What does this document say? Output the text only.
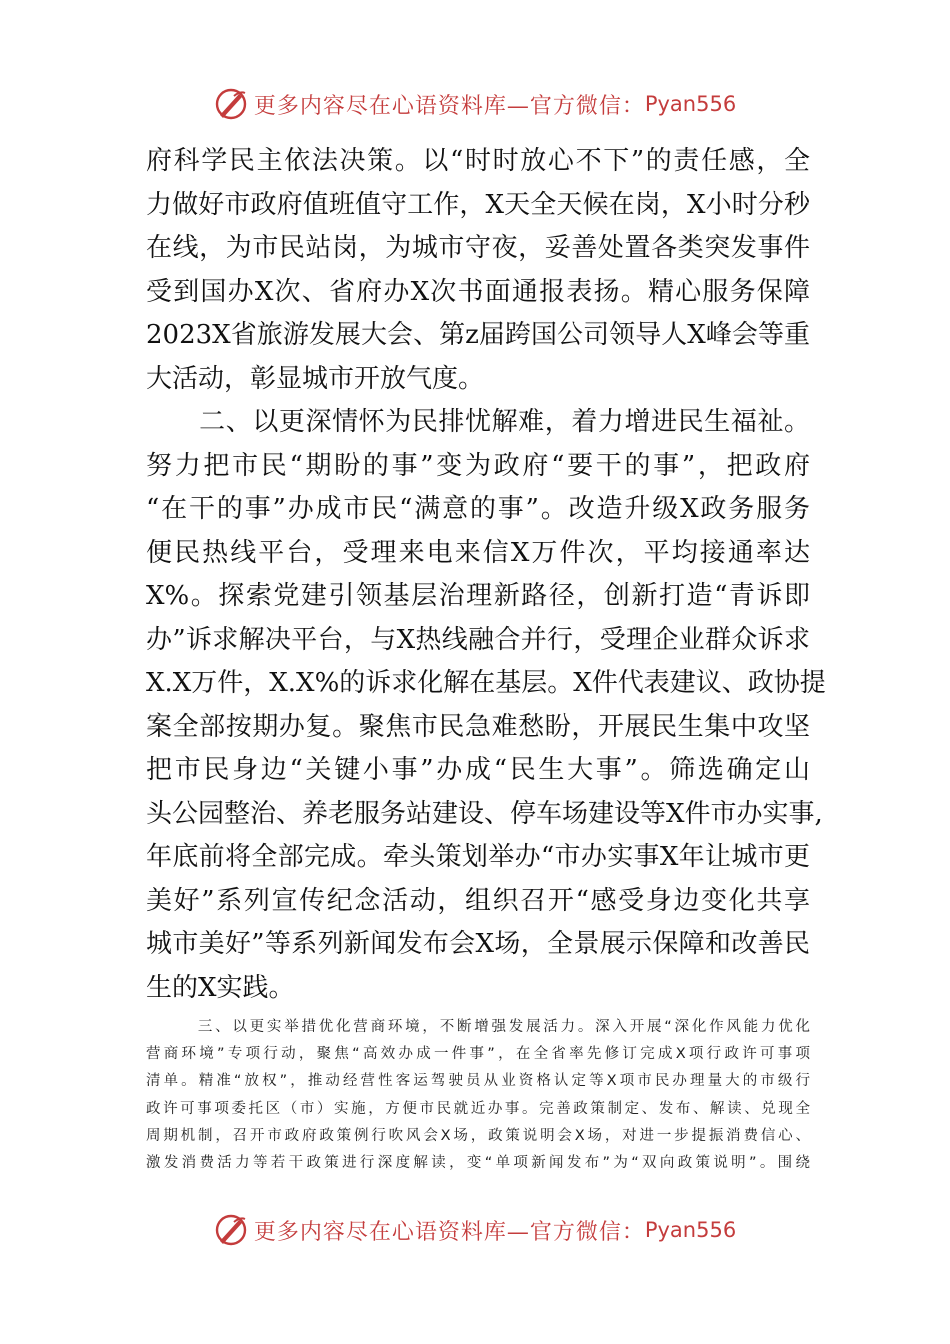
更多内容尽在心语资料库—官方微信： Pyan556
府科学民主依法决策。以“时时放心不下”的责任感，全
力做好市政府值班值守工作，X天全天候在岗，X小时分秒
在线，为市民站岗，为城市守夜，妥善处置各类突发事件
受到国办X次、省府办X次书面通报表扬。精心服务保障
2023X省旅游发展大会、第z届跨国公司领导人X峰会等重
大活动，彰显城市开放气度。
　　二、以更深情怀为民排忧解难，着力增进民生福祉。
努力把市民“期盼的事”变为政府“要干的事”，把政府
“在干的事”办成市民“满意的事”。改造升级X政务服务
便民热线平台，受理来电来信X万件次，平均接通率达
X%。探索党建引领基层治理新路径，创新打造“青诉即
办”诉求解决平台，与X热线融合并行，受理企业群众诉求
X.X万件，X.X%的诉求化解在基层。X件代表建议、政协提
案全部按期办复。聚焦市民急难愁盼，开展民生集中攻坚
把市民身边“关键小事”办成“民生大事”。筛选确定山
头公园整治、养老服务站建设、停车场建设等X件市办实事,
年底前将全部完成。牵头策划举办“市办实事X年让城市更
美好”系列宣传纪念活动，组织召开“感受身边变化共享
城市美好”等系列新闻发布会X场，全景展示保障和改善民
生的X实践。
　　　三、以更实举措优化营商环境，不断增强发展活力。深入开展“深化作风能力优化
营商环境”专项行动，聚焦“高效办成一件事”，在全省率先修订完成X项行政许可事项
清单。精准“放权”，推动经营性客运驾驶员从业资格认定等X项市民办理量大的市级行
政许可事项委托区（市）实施，方便市民就近办事。完善政策制定、发布、解读、兑现全
周期机制，召开市政府政策例行吹风会X场，政策说明会X场，对进一步提振消费信心、
激发消费活力等若干政策进行深度解读，变“单项新闻发布”为“双向政策说明”。围绕
更多内容尽在心语资料库—官方微信： Pyan556
